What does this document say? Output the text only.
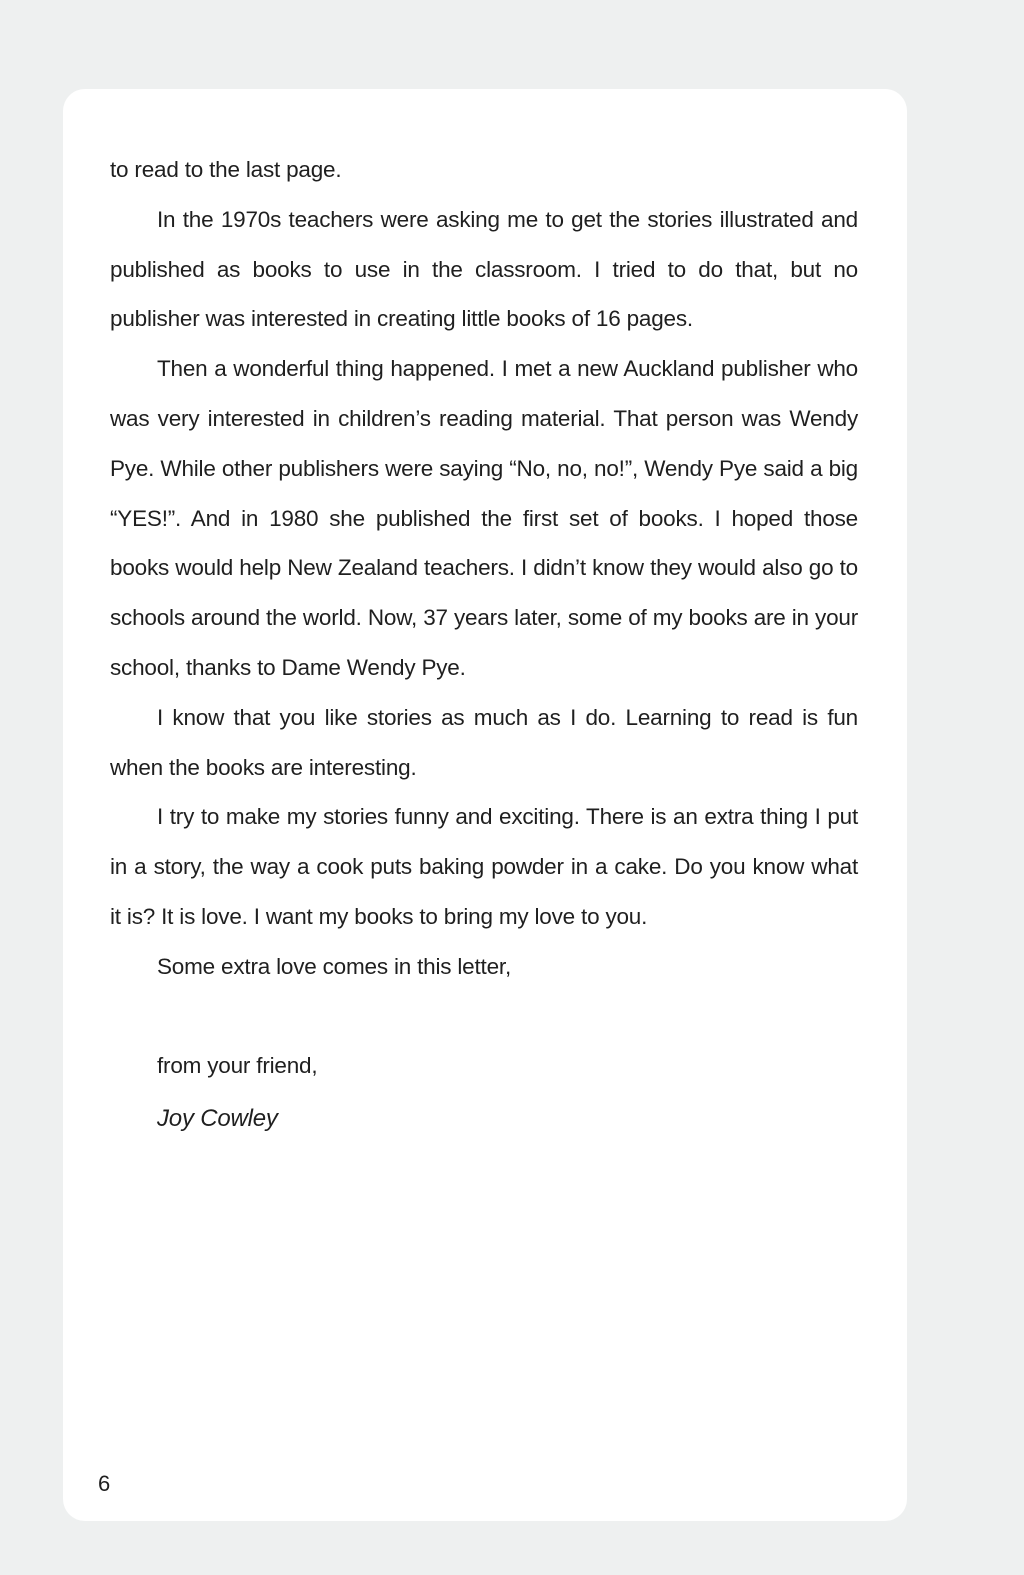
to read to the last page.

In the 1970s teachers were asking me to get the stories illustrated and published as books to use in the classroom. I tried to do that, but no publisher was interested in creating little books of 16 pages.

Then a wonderful thing happened. I met a new Auckland publisher who was very interested in children’s reading material. That person was Wendy Pye. While other publishers were saying “No, no, no!”, Wendy Pye said a big “YES!”. And in 1980 she published the first set of books. I hoped those books would help New Zealand teachers. I didn’t know they would also go to schools around the world. Now, 37 years later, some of my books are in your school, thanks to Dame Wendy Pye.

I know that you like stories as much as I do. Learning to read is fun when the books are interesting.

I try to make my stories funny and exciting. There is an extra thing I put in a story, the way a cook puts baking powder in a cake. Do you know what it is? It is love. I want my books to bring my love to you.

Some extra love comes in this letter,

from your friend,

Joy Cowley

6
